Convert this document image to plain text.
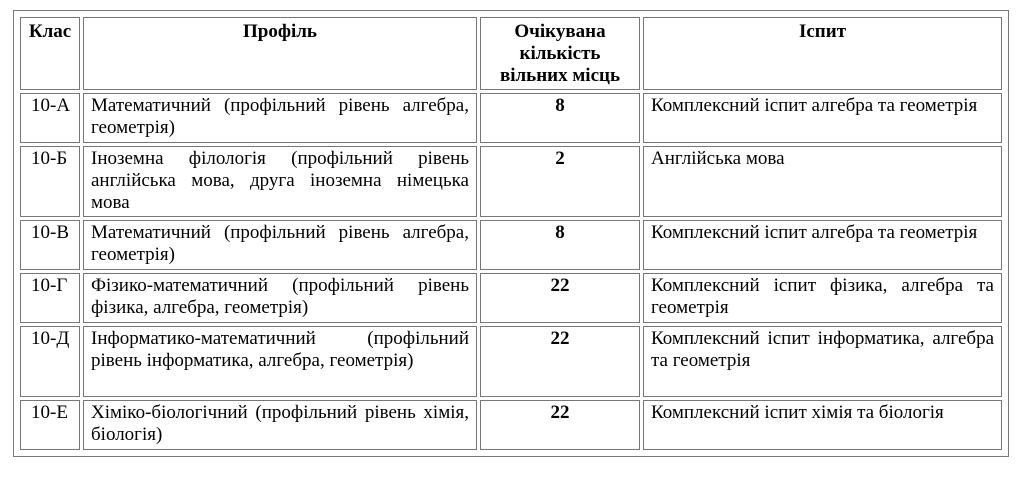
Клас	Профіль	Очікувана кількість вільних місць	Іспит
10-А	Математичний (профільний рівень алгебра, геометрія)	8	Комплексний іспит алгебра та геометрія
10-Б	Іноземна філологія (профільний рівень англійська мова, друга іноземна німецька мова	2	Англійська мова
10-В	Математичний (профільний рівень алгебра, геометрія)	8	Комплексний іспит алгебра та геометрія
10-Г	Фізико-математичний (профільний рівень фізика, алгебра, геометрія)	22	Комплексний іспит фізика, алгебра та геометрія
10-Д	Інформатико-математичний (профільний рівень інформатика, алгебра, геометрія)	22	Комплексний іспит інформатика, алгебра та геометрія
10-Е	Хіміко-біологічний (профільний рівень хімія, біологія)	22	Комплексний іспит хімія та біологія
